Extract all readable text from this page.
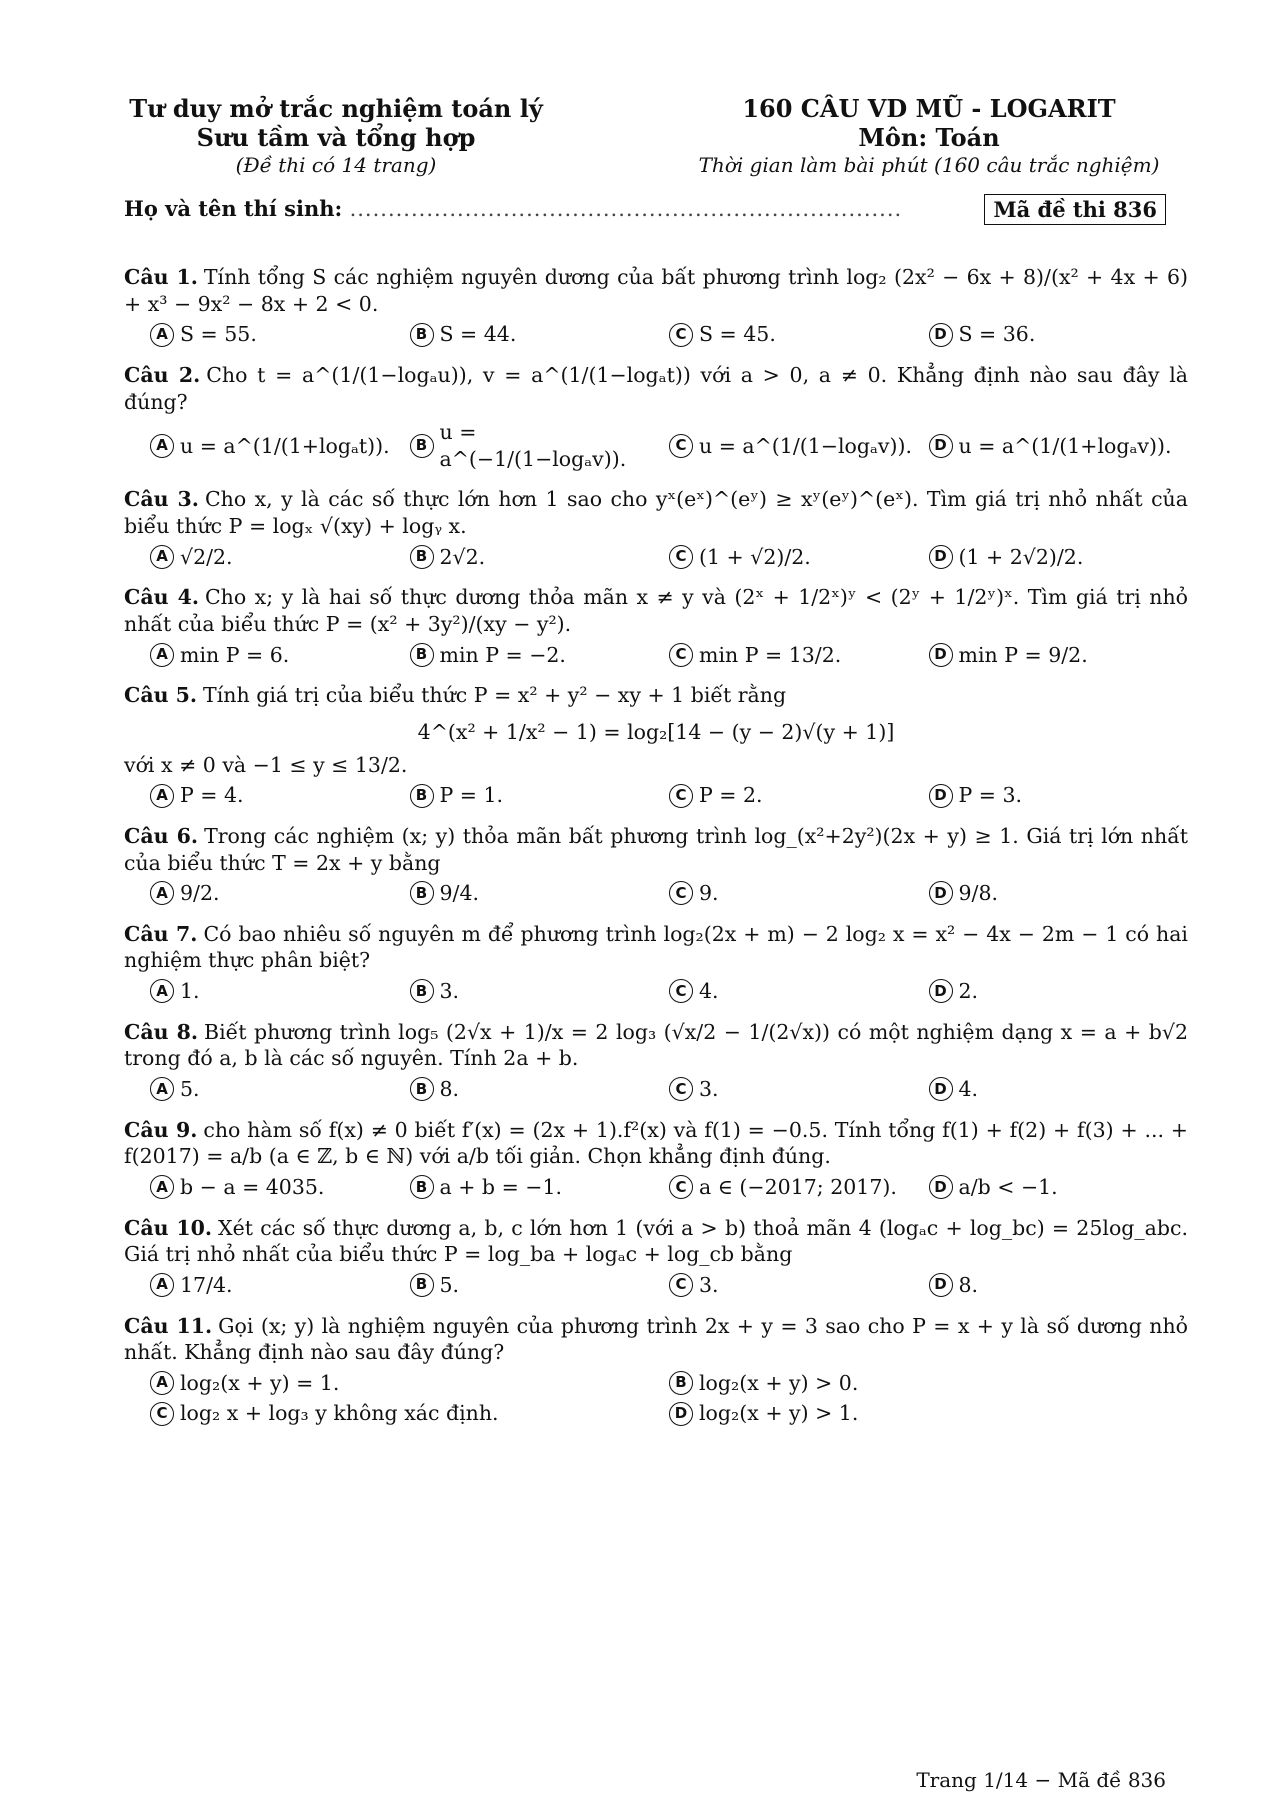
Tư duy mở trắc nghiệm toán lý
Sưu tầm và tổng hợp
(Đề thi có 14 trang)
160 CÂU VD MŨ - LOGARIT
Môn: Toán
Thời gian làm bài phút (160 câu trắc nghiệm)
Họ và tên thí sinh: ........................................................................	Mã đề thi 836
Câu 1. Tính tổng S các nghiệm nguyên dương của bất phương trình log₂ (2x² − 6x + 8)/(x² + 4x + 6) + x³ − 9x² − 8x + 2 < 0.
A S = 55.	B S = 44.	C S = 45.	D S = 36.
Câu 2. Cho t = a^(1/(1−logₐu)), v = a^(1/(1−logₐt)) với a > 0, a ≠ 0. Khẳng định nào sau đây là đúng?
A u = a^(1/(1+logₐt)).	B
u = a^(−1/(1−logₐv)).
C u = a^(1/(1−logₐv)).	D u = a^(1/(1+logₐv)).
Câu 3. Cho x, y là các số thực lớn hơn 1 sao cho yˣ(eˣ)^(eʸ) ≥ xʸ(eʸ)^(eˣ). Tìm giá trị nhỏ nhất của biểu thức P = logₓ √(xy) + logᵧ x.
A √2/2.	B 2√2.	C (1 + √2)/2.	D (1 + 2√2)/2.
Câu 4. Cho x; y là hai số thực dương thỏa mãn x ≠ y và (2ˣ + 1/2ˣ)ʸ < (2ʸ + 1/2ʸ)ˣ. Tìm giá trị nhỏ nhất của biểu thức P = (x² + 3y²)/(xy − y²).
A min P = 6.	B min P = −2.	C min P = 13/2.	D min P = 9/2.
Câu 5. Tính giá trị của biểu thức P = x² + y² − xy + 1 biết rằng
4^(x² + 1/x² − 1) = log₂[14 − (y − 2)√(y + 1)]
với x ≠ 0 và −1 ≤ y ≤ 13/2.
A P = 4.	B P = 1.	C P = 2.	D P = 3.
Câu 6. Trong các nghiệm (x; y) thỏa mãn bất phương trình log_(x²+2y²)(2x + y) ≥ 1. Giá trị lớn nhất của biểu thức T = 2x + y bằng
A 9/2.	B 9/4.	C 9.	D 9/8.
Câu 7. Có bao nhiêu số nguyên m để phương trình log₂(2x + m) − 2 log₂ x = x² − 4x − 2m − 1 có hai nghiệm thực phân biệt?
A 1.	B 3.	C 4.	D 2.
Câu 8. Biết phương trình log₅ (2√x + 1)/x = 2 log₃ (√x/2 − 1/(2√x)) có một nghiệm dạng x = a + b√2 trong đó a, b là các số nguyên. Tính 2a + b.
A 5.	B 8.	C 3.	D 4.
Câu 9. cho hàm số f(x) ≠ 0 biết f′(x) = (2x + 1).f²(x) và f(1) = −0.5. Tính tổng f(1) + f(2) + f(3) + ... + f(2017) = a/b (a ∈ ℤ, b ∈ ℕ) với a/b tối giản. Chọn khẳng định đúng.
A b − a = 4035.	B a + b = −1.	C a ∈ (−2017; 2017).	D a/b < −1.
Câu 10. Xét các số thực dương a, b, c lớn hơn 1 (với a > b) thoả mãn 4 (logₐc + log_bc) = 25log_abc. Giá trị nhỏ nhất của biểu thức P = log_ba + logₐc + log_cb bằng
A 17/4.	B 5.	C 3.	D 8.
Câu 11. Gọi (x; y) là nghiệm nguyên của phương trình 2x + y = 3 sao cho P = x + y là số dương nhỏ nhất. Khẳng định nào sau đây đúng?
A log₂(x + y) = 1.	B log₂(x + y) > 0.
C log₂ x + log₃ y không xác định.	D log₂(x + y) > 1.
Trang 1/14 − Mã đề 836
